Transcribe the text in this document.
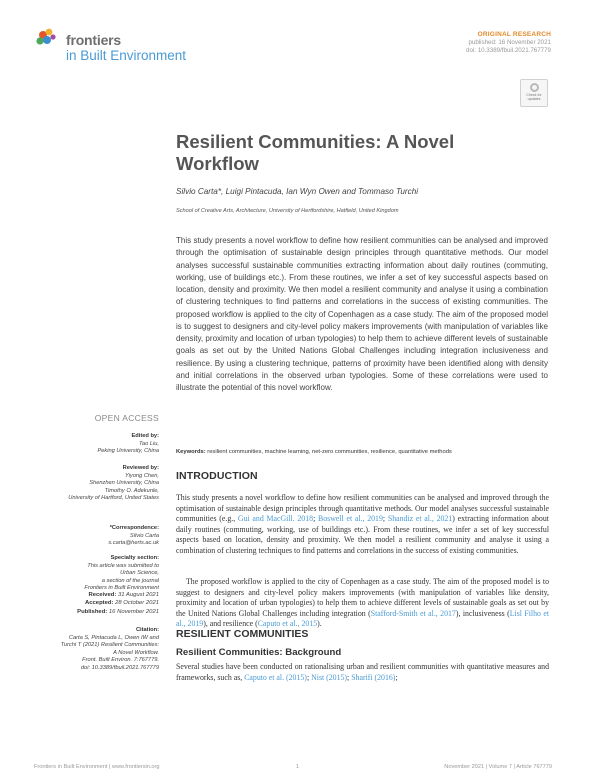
frontiers
in Built Environment
ORIGINAL RESEARCH
published: 16 November 2021
doi: 10.3389/fbuil.2021.767779
Check for updates
Resilient Communities: A Novel Workflow
Silvio Carta*, Luigi Pintacuda, Ian Wyn Owen and Tommaso Turchi
School of Creative Arts, Architecture, University of Hertfordshire, Hatfield, United Kingdom
This study presents a novel workflow to define how resilient communities can be analysed and improved through the optimisation of sustainable design principles through quantitative methods. Our model analyses successful sustainable communities extracting information about daily routines (commuting, working, use of buildings etc.). From these routines, we infer a set of key successful aspects based on location, density and proximity. We then model a resilient community and analyse it using a combination of clustering techniques to find patterns and correlations in the success of existing communities. The proposed workflow is applied to the city of Copenhagen as a case study. The aim of the proposed model is to suggest to designers and city-level policy makers improvements (with manipulation of variables like density, proximity and location of urban typologies) to help them to achieve different levels of sustainable goals as set out by the United Nations Global Challenges including integration inclusiveness and resilience. By using a clustering technique, patterns of proximity have been identified along with density and initial correlations in the observed urban typologies. Some of these correlations were used to illustrate the potential of this novel workflow.
Keywords: resilient communities, machine learning, net-zero communities, resilience, quantitative methods
OPEN ACCESS
Edited by:
Tao Liu,
Peking University, China
Reviewed by:
Yiyong Chen,
Shenzhen University, China
Timothy O. Adekunle,
University of Hartford, United States
*Correspondence:
Silvio Carta
s.carta@herts.ac.uk
Specialty section:
This article was submitted to
Urban Science,
a section of the journal
Frontiers in Built Environment
Received: 31 August 2021
Accepted: 28 October 2021
Published: 16 November 2021
Citation:
Carta S, Pintacuda L, Owen IW and
Turchi T (2021) Resilient Communities:
A Novel Workflow.
Front. Built Environ. 7:767779.
doi: 10.3389/fbuil.2021.767779
INTRODUCTION
This study presents a novel workflow to define how resilient communities can be analysed and improved through the optimisation of sustainable design principles through quantitative methods. Our model analyses successful sustainable communities (e.g., Gui and MacGill. 2018; Boswell et al., 2019; Shandiz et al., 2021) extracting information about daily routines (commuting, working, use of buildings etc.). From these routines, we infer a set of key successful aspects based on location, density and proximity. We then model a resilient community and analyse it using a combination of clustering techniques to find patterns and correlations in the success of existing communities.
The proposed workflow is applied to the city of Copenhagen as a case study. The aim of the proposed model is to suggest to designers and city-level policy makers improvements (with manipulation of variables like density, proximity and location of urban typologies) to help them to achieve different levels of sustainable goals as set out by the United Nations Global Challenges including integration (Stafford-Smith et al., 2017), inclusiveness (Lisl Filho et al., 2019), and resilience (Caputo et al., 2015).
RESILIENT COMMUNITIES
Resilient Communities: Background
Several studies have been conducted on rationalising urban and resilient communities with quantitative measures and frameworks, such as, Caputo et al. (2015); Nist (2015); Sharifi (2016);
Frontiers in Built Environment | www.frontiersin.org	1	November 2021 | Volume 7 | Article 767779
